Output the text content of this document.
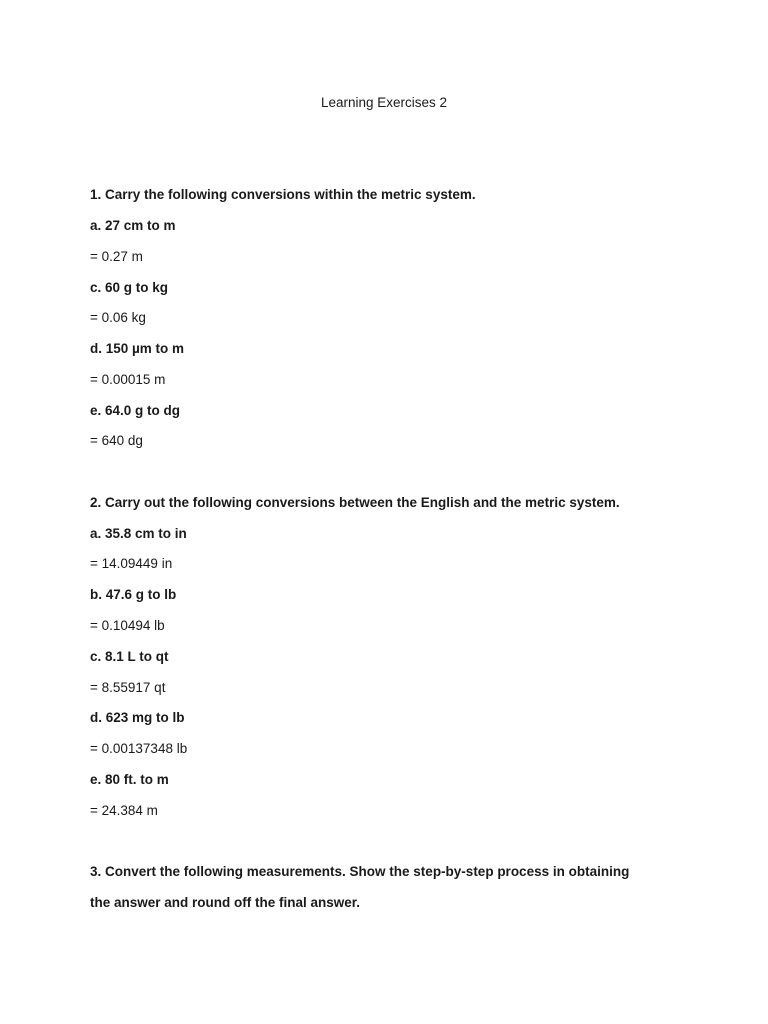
Learning Exercises 2
1. Carry the following conversions within the metric system.
a. 27 cm to m
= 0.27 m
c. 60 g to kg
= 0.06 kg
d. 150 µm to m
= 0.00015 m
e. 64.0 g to dg
= 640 dg
2. Carry out the following conversions between the English and the metric system.
a. 35.8 cm to in
= 14.09449 in
b. 47.6 g to lb
= 0.10494 lb
c. 8.1 L to qt
= 8.55917 qt
d. 623 mg to lb
= 0.00137348 lb
e. 80 ft. to m
= 24.384 m
3. Convert the following measurements. Show the step-by-step process in obtaining
the answer and round off the final answer.
